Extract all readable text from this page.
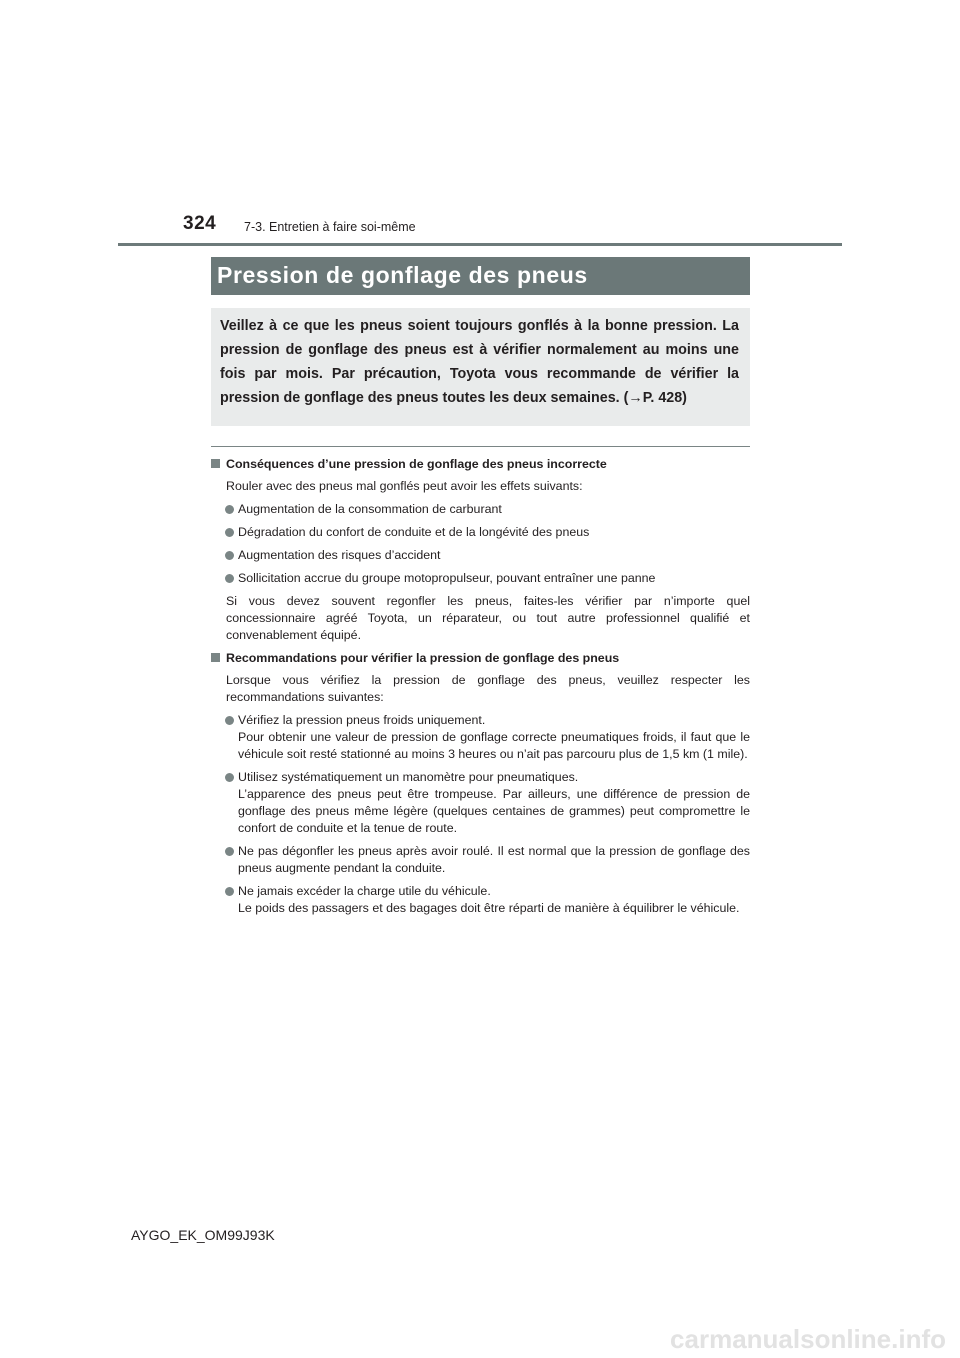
324 7-3. Entretien à faire soi-même
Pression de gonflage des pneus
Veillez à ce que les pneus soient toujours gonflés à la bonne pression. La pression de gonflage des pneus est à vérifier normalement au moins une fois par mois. Par précaution, Toyota vous recommande de vérifier la pression de gonflage des pneus toutes les deux semaines. (→P. 428)
Conséquences d’une pression de gonflage des pneus incorrecte
Rouler avec des pneus mal gonflés peut avoir les effets suivants:
Augmentation de la consommation de carburant
Dégradation du confort de conduite et de la longévité des pneus
Augmentation des risques d’accident
Sollicitation accrue du groupe motopropulseur, pouvant entraîner une panne
Si vous devez souvent regonfler les pneus, faites-les vérifier par n’importe quel concessionnaire agréé Toyota, un réparateur, ou tout autre professionnel qualifié et convenablement équipé.
Recommandations pour vérifier la pression de gonflage des pneus
Lorsque vous vérifiez la pression de gonflage des pneus, veuillez respecter les recommandations suivantes:
Vérifiez la pression pneus froids uniquement.
Pour obtenir une valeur de pression de gonflage correcte pneumatiques froids, il faut que le véhicule soit resté stationné au moins 3 heures ou n’ait pas parcouru plus de 1,5 km (1 mile).
Utilisez systématiquement un manomètre pour pneumatiques.
L’apparence des pneus peut être trompeuse. Par ailleurs, une différence de pression de gonflage des pneus même légère (quelques centaines de grammes) peut compromettre le confort de conduite et la tenue de route.
Ne pas dégonfler les pneus après avoir roulé. Il est normal que la pression de gonflage des pneus augmente pendant la conduite.
Ne jamais excéder la charge utile du véhicule.
Le poids des passagers et des bagages doit être réparti de manière à équilibrer le véhicule.
AYGO_EK_OM99J93K
carmanualsonline.info
